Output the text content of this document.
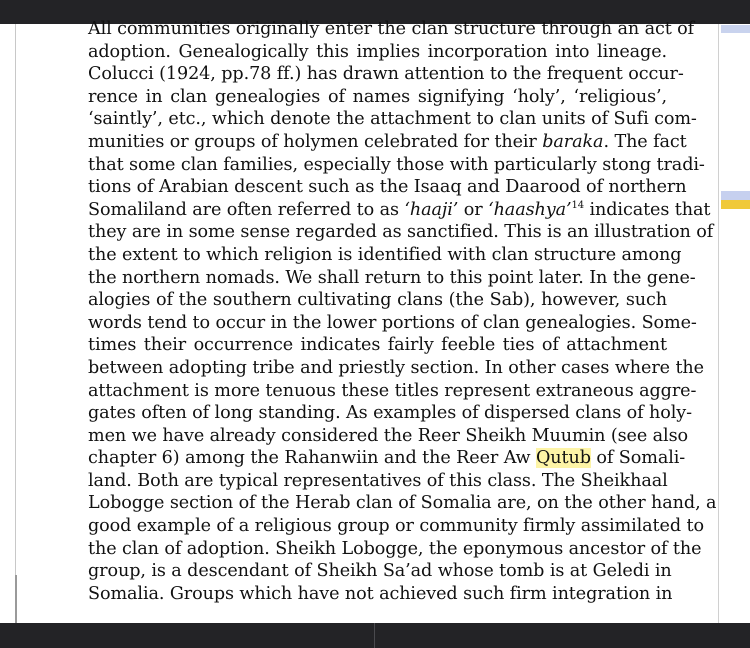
All communities originally enter the clan structure through an act of
adoption. Genealogically this implies incorporation into lineage.
Colucci (1924, pp.78 ff.) has drawn attention to the frequent occur-
rence in clan genealogies of names signifying ‘holy’, ‘religious’,
‘saintly’, etc., which denote the attachment to clan units of Sufi com-
munities or groups of holymen celebrated for their baraka. The fact
that some clan families, especially those with particularly stong tradi-
tions of Arabian descent such as the Isaaq and Daarood of northern
Somaliland are often referred to as ‘haaji’ or ‘haashya’$^{14}$ indicates that
they are in some sense regarded as sanctified. This is an illustration of
the extent to which religion is identified with clan structure among
the northern nomads. We shall return to this point later. In the gene-
alogies of the southern cultivating clans (the Sab), however, such
words tend to occur in the lower portions of clan genealogies. Some-
times their occurrence indicates fairly feeble ties of attachment
between adopting tribe and priestly section. In other cases where the
attachment is more tenuous these titles represent extraneous aggre-
gates often of long standing. As examples of dispersed clans of holy-
men we have already considered the Reer Sheikh Muumin (see also
chapter 6) among the Rahanwiin and the Reer Aw Qutub of Somali-
land. Both are typical representatives of this class. The Sheikhaal
Lobogge section of the Herab clan of Somalia are, on the other hand, a
good example of a religious group or community firmly assimilated to
the clan of adoption. Sheikh Lobogge, the eponymous ancestor of the
group, is a descendant of Sheikh Sa’ad whose tomb is at Geledi in
Somalia. Groups which have not achieved such firm integration in
